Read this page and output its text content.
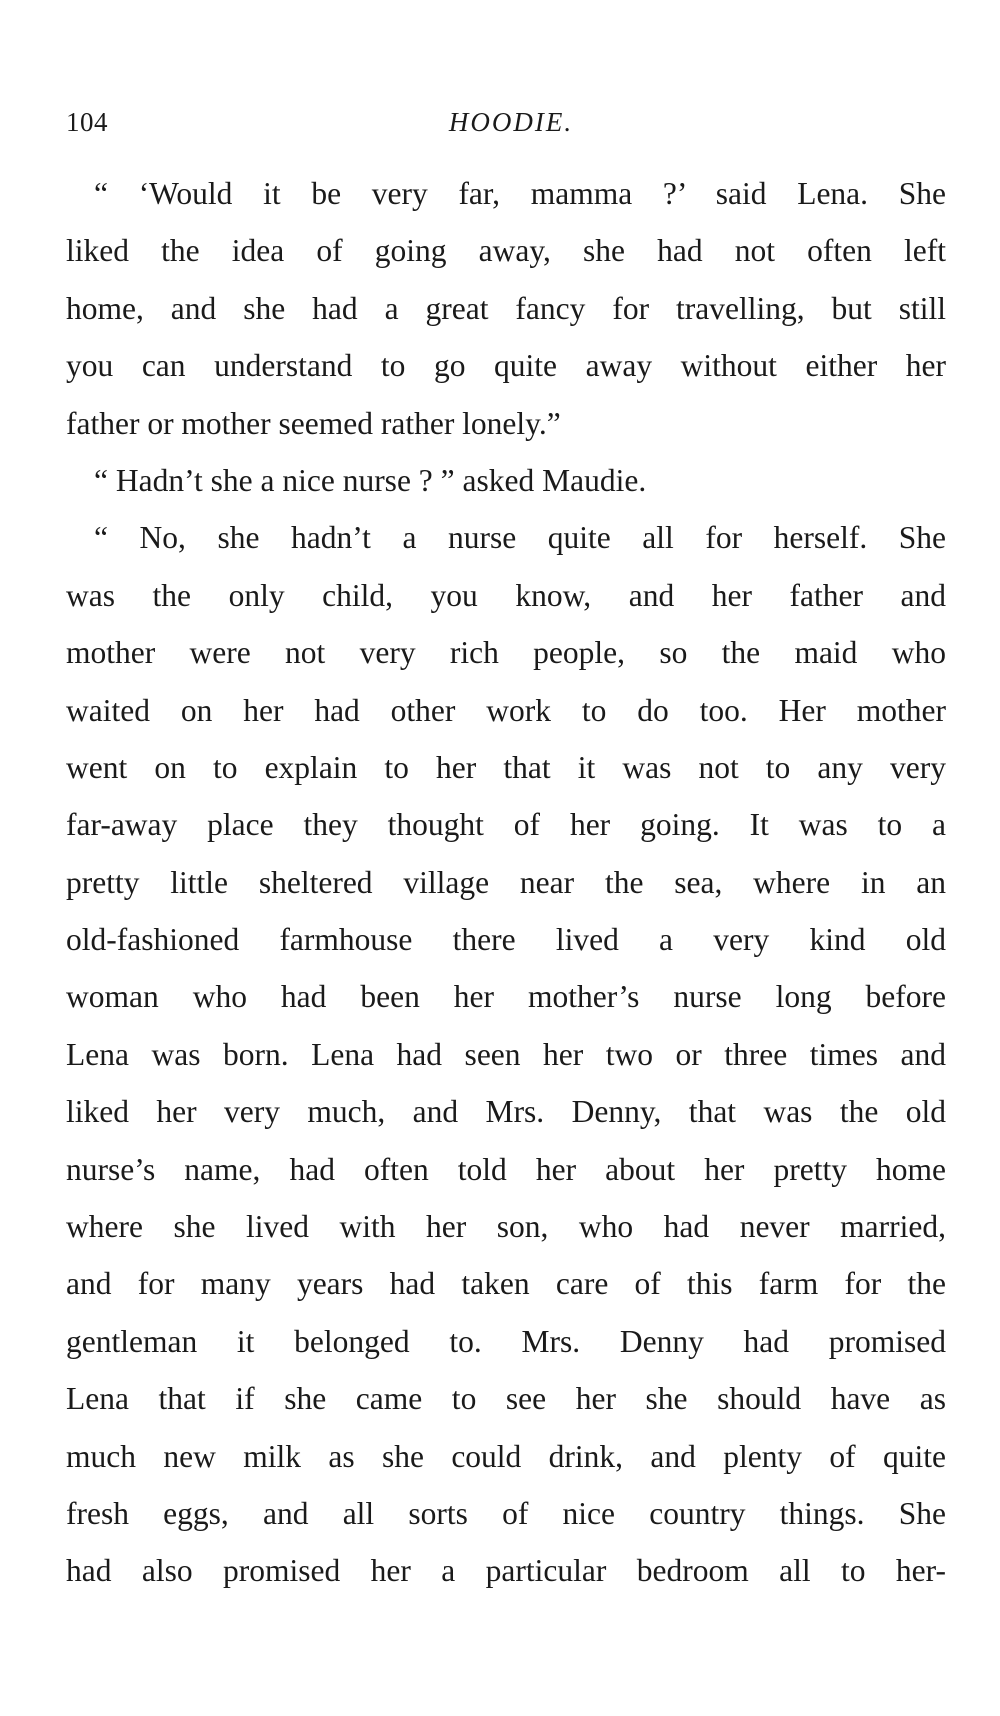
104	HOODIE.
“ ‘Would it be very far, mamma ?’ said Lena. She
liked the idea of going away, she had not often left
home, and she had a great fancy for travelling, but still
you can understand to go quite away without either her
father or mother seemed rather lonely.”
“ Hadn’t she a nice nurse ? ” asked Maudie.
“ No, she hadn’t a nurse quite all for herself. She
was the only child, you know, and her father and
mother were not very rich people, so the maid who
waited on her had other work to do too. Her mother
went on to explain to her that it was not to any very
far-away place they thought of her going. It was to a
pretty little sheltered village near the sea, where in an
old-fashioned farmhouse there lived a very kind old
woman who had been her mother’s nurse long before
Lena was born. Lena had seen her two or three times and
liked her very much, and Mrs. Denny, that was the old
nurse’s name, had often told her about her pretty home
where she lived with her son, who had never married,
and for many years had taken care of this farm for the
gentleman it belonged to. Mrs. Denny had promised
Lena that if she came to see her she should have as
much new milk as she could drink, and plenty of quite
fresh eggs, and all sorts of nice country things. She
had also promised her a particular bedroom all to her-
